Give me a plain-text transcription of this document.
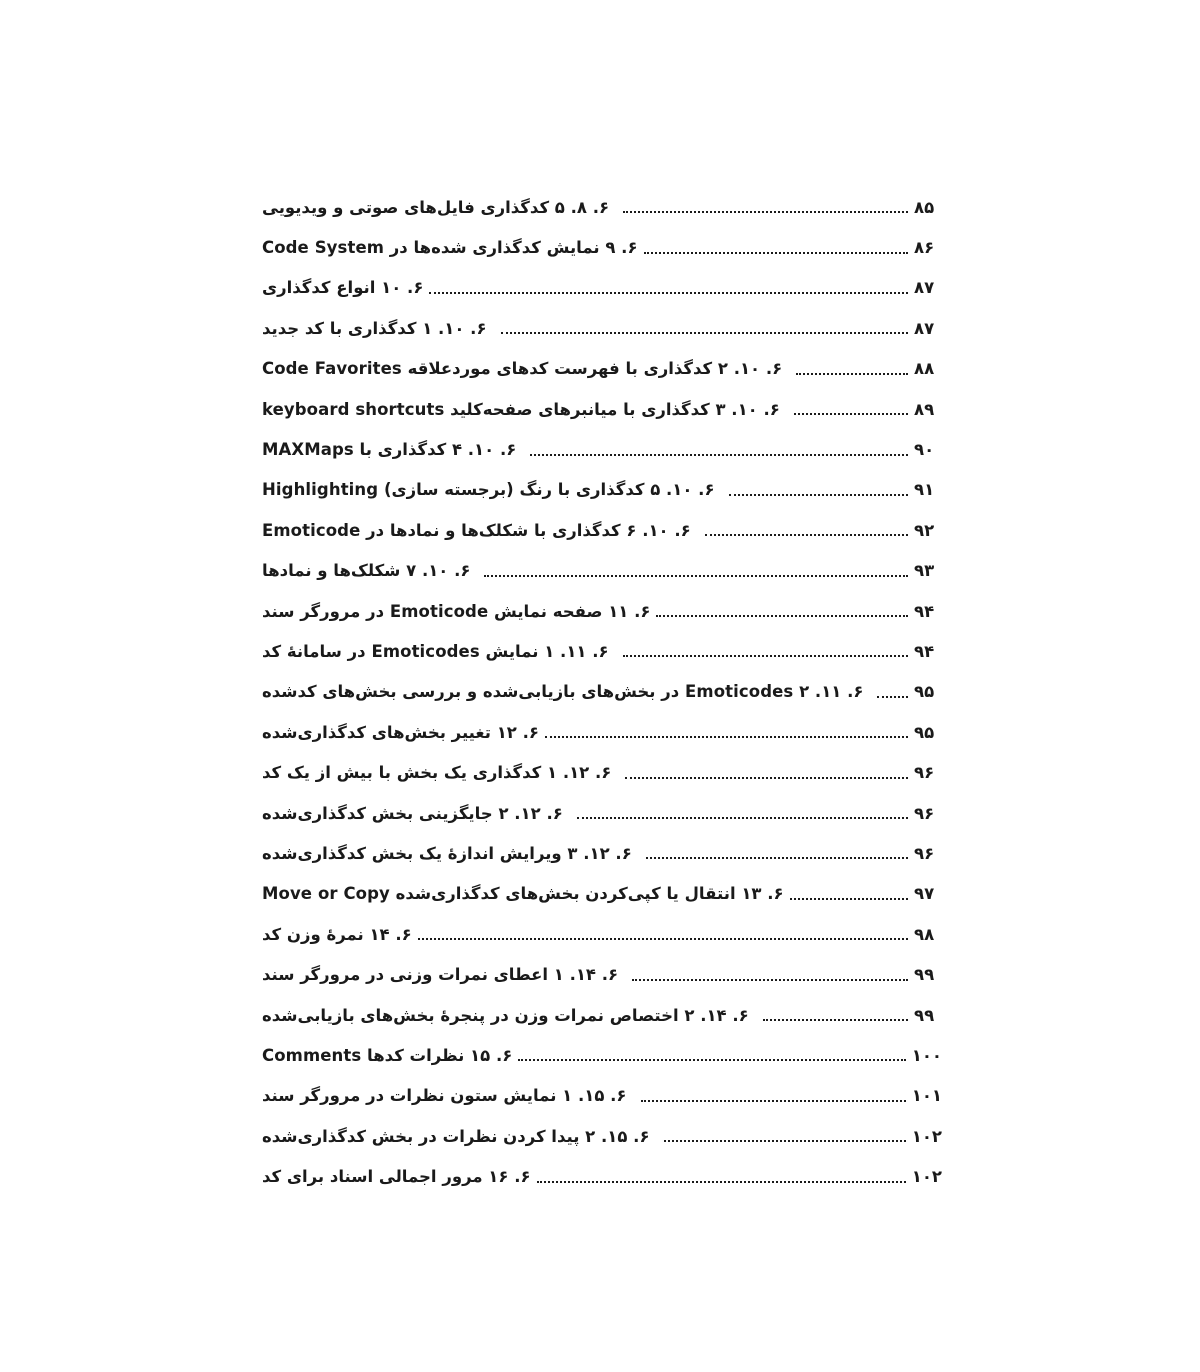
۶. ۸. ۵ کدگذاری فایل‌های صوتی و ویدیویی	۸۵
۶. ۹ نمایش کدگذاری شده‌ها در Code System	۸۶
۶. ۱۰ انواع کدگذاری	۸۷
۶. ۱۰. ۱ کدگذاری با کد جدید	۸۷
۶. ۱۰. ۲ کدگذاری با فهرست کدهای موردعلاقه Code Favorites	۸۸
۶. ۱۰. ۳ کدگذاری با میانبرهای صفحه‌کلید keyboard shortcuts	۸۹
۶. ۱۰. ۴ کدگذاری با MAXMaps	۹۰
۶. ۱۰. ۵ کدگذاری با رنگ (برجسته سازی) Highlighting	۹۱
۶. ۱۰. ۶ کدگذاری با شکلک‌ها و نمادها در Emoticode	۹۲
۶. ۱۰. ۷ شکلک‌ها و نمادها	۹۳
۶. ۱۱ صفحه نمایش Emoticode در مرورگر سند	۹۴
۶. ۱۱. ۱ نمایش Emoticodes در سامانهٔ کد	۹۴
۶. ۱۱. ۲ Emoticodes در بخش‌های بازیابی‌شده و بررسی بخش‌های کدشده	۹۵
۶. ۱۲ تغییر بخش‌های کدگذاری‌شده	۹۵
۶. ۱۲. ۱ کدگذاری یک بخش با بیش از یک کد	۹۶
۶. ۱۲. ۲ جایگزینی بخش کدگذاری‌شده	۹۶
۶. ۱۲. ۳ ویرایش اندازهٔ یک بخش کدگذاری‌شده	۹۶
۶. ۱۳ انتقال یا کپی‌کردن بخش‌های کدگذاری‌شده Move or Copy	۹۷
۶. ۱۴ نمرهٔ وزن کد	۹۸
۶. ۱۴. ۱ اعطای نمرات وزنی در مرورگر سند	۹۹
۶. ۱۴. ۲ اختصاص نمرات وزن در پنجرهٔ بخش‌های بازیابی‌شده	۹۹
۶. ۱۵ نظرات کدها Comments	۱۰۰
۶. ۱۵. ۱ نمایش ستون نظرات در مرورگر سند	۱۰۱
۶. ۱۵. ۲ پیدا کردن نظرات در بخش کدگذاری‌شده	۱۰۲
۶. ۱۶ مرور اجمالی اسناد برای کد	۱۰۲
